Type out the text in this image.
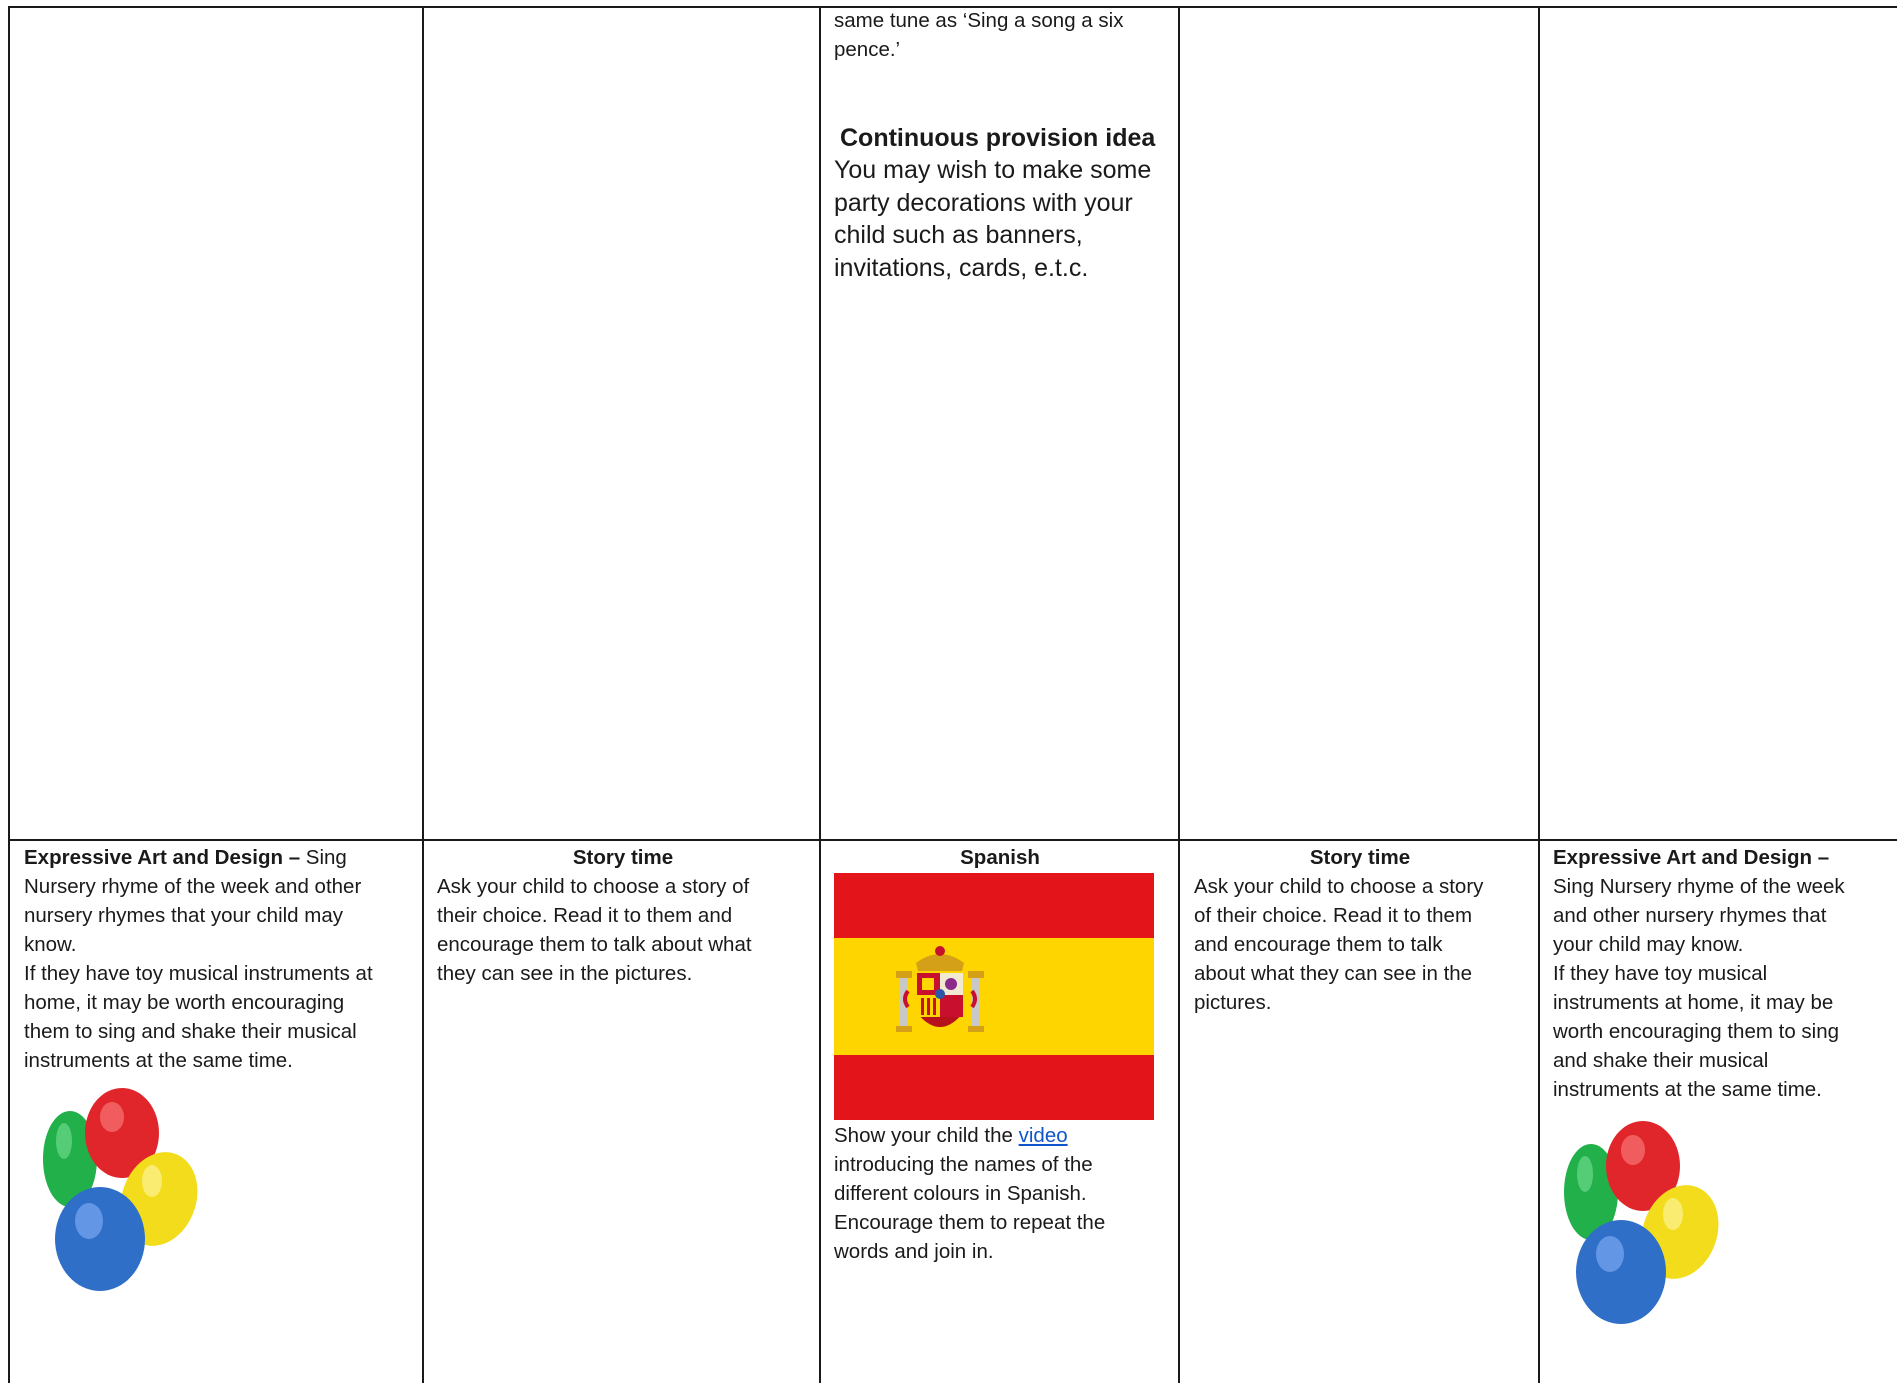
same tune as ‘Sing a song a six

pence.’

Continuous provision idea

You may wish to make some

party decorations with your

child such as banners,

invitations, cards, e.t.c.

Expressive Art and Design – Sing

Nursery rhyme of the week and other

nursery rhymes that your child may

know.

If they have toy musical instruments at

home, it may be worth encouraging

them to sing and shake their musical

instruments at the same time.

Story time

Ask your child to choose a story of

their choice. Read it to them and

encourage them to talk about what

they can see in the pictures.

Spanish

Show your child the video

introducing the names of the

different colours in Spanish.

Encourage them to repeat the

words and join in.

Story time

Ask your child to choose a story

of their choice. Read it to them

and encourage them to talk

about what they can see in the

pictures.

Expressive Art and Design –

Sing Nursery rhyme of the week

and other nursery rhymes that

your child may know.

If they have toy musical

instruments at home, it may be

worth encouraging them to sing

and shake their musical

instruments at the same time.
